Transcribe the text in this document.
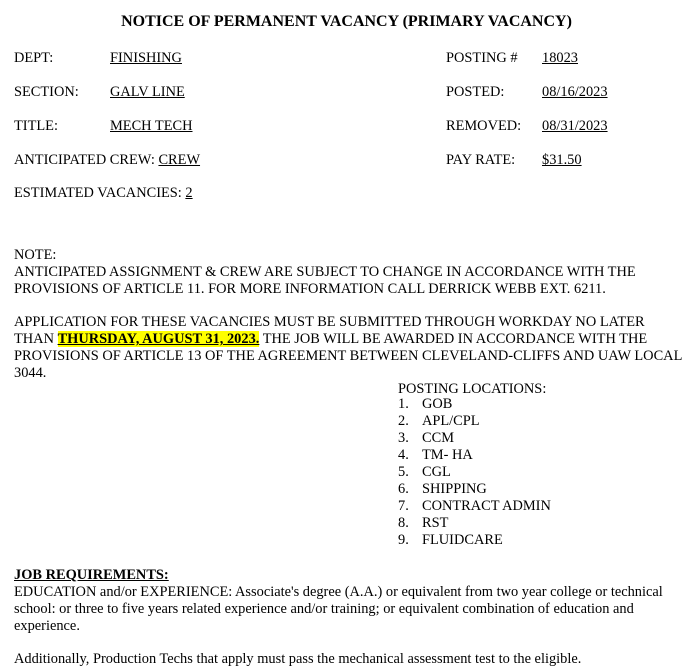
NOTICE OF PERMANENT VACANCY (PRIMARY VACANCY)
DEPT:	FINISHING
SECTION: GALV LINE
TITLE:	MECH TECH
ANTICIPATED CREW: CREW
ESTIMATED VACANCIES: 2
POSTING # 18023
POSTED:	08/16/2023
REMOVED: 08/31/2023
PAY RATE: $31.50
NOTE:
ANTICIPATED ASSIGNMENT & CREW ARE SUBJECT TO CHANGE IN ACCORDANCE WITH THE PROVISIONS OF ARTICLE 11. FOR MORE INFORMATION CALL DERRICK WEBB EXT. 6211.
APPLICATION FOR THESE VACANCIES MUST BE SUBMITTED THROUGH WORKDAY NO LATER THAN THURSDAY, AUGUST 31, 2023. THE JOB WILL BE AWARDED IN ACCORDANCE WITH THE PROVISIONS OF ARTICLE 13 OF THE AGREEMENT BETWEEN CLEVELAND-CLIFFS AND UAW LOCAL 3044.
POSTING LOCATIONS:
1. GOB
2. APL/CPL
3. CCM
4. TM- HA
5. CGL
6. SHIPPING
7. CONTRACT ADMIN
8. RST
9. FLUIDCARE
JOB REQUIREMENTS:
EDUCATION and/or EXPERIENCE: Associate's degree (A.A.) or equivalent from two year college or technical school: or three to five years related experience and/or training; or equivalent combination of education and experience.
Additionally, Production Techs that apply must pass the mechanical assessment test to the eligible.
